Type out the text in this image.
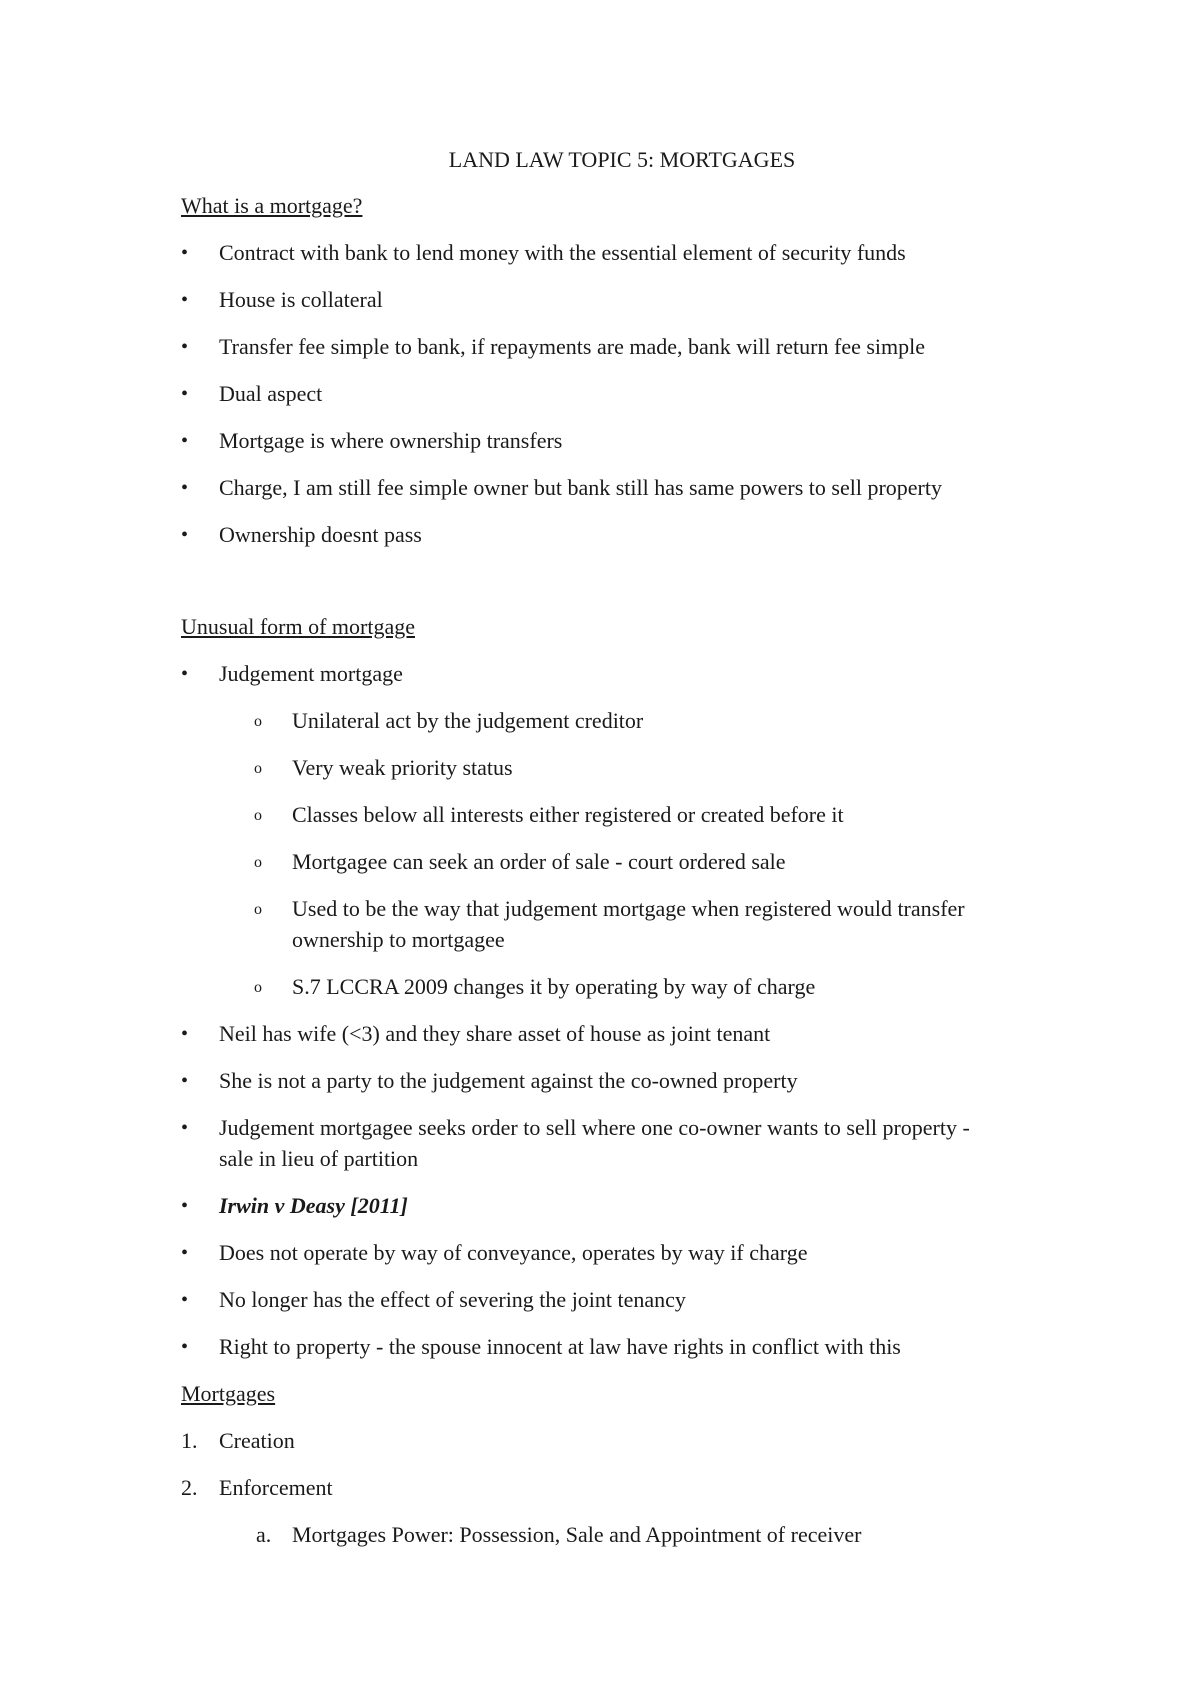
LAND LAW TOPIC 5: MORTGAGES
What is a mortgage?
•	Contract with bank to lend money with the essential element of security funds
•	House is collateral
•	Transfer fee simple to bank, if repayments are made, bank will return fee simple
•	Dual aspect
•	Mortgage is where ownership transfers
•	Charge, I am still fee simple owner but bank still has same powers to sell property
•	Ownership doesnt pass
Unusual form of mortgage
•	Judgement mortgage
o Unilateral act by the judgement creditor
o Very weak priority status
o Classes below all interests either registered or created before it
o Mortgagee can seek an order of sale - court ordered sale
o Used to be the way that judgement mortgage when registered would transfer
ownership to mortgagee
o S.7 LCCRA 2009 changes it by operating by way of charge
•	Neil has wife (<3) and they share asset of house as joint tenant
•	She is not a party to the judgement against the co-owned property
•	Judgement mortgagee seeks order to sell where one co-owner wants to sell property -
sale in lieu of partition
•	Irwin v Deasy [2011]
•	Does not operate by way of conveyance, operates by way if charge
•	No longer has the effect of severing the joint tenancy
•	Right to property - the spouse innocent at law have rights in conflict with this
Mortgages
1. Creation
2. Enforcement
a. Mortgages Power: Possession, Sale and Appointment of receiver
